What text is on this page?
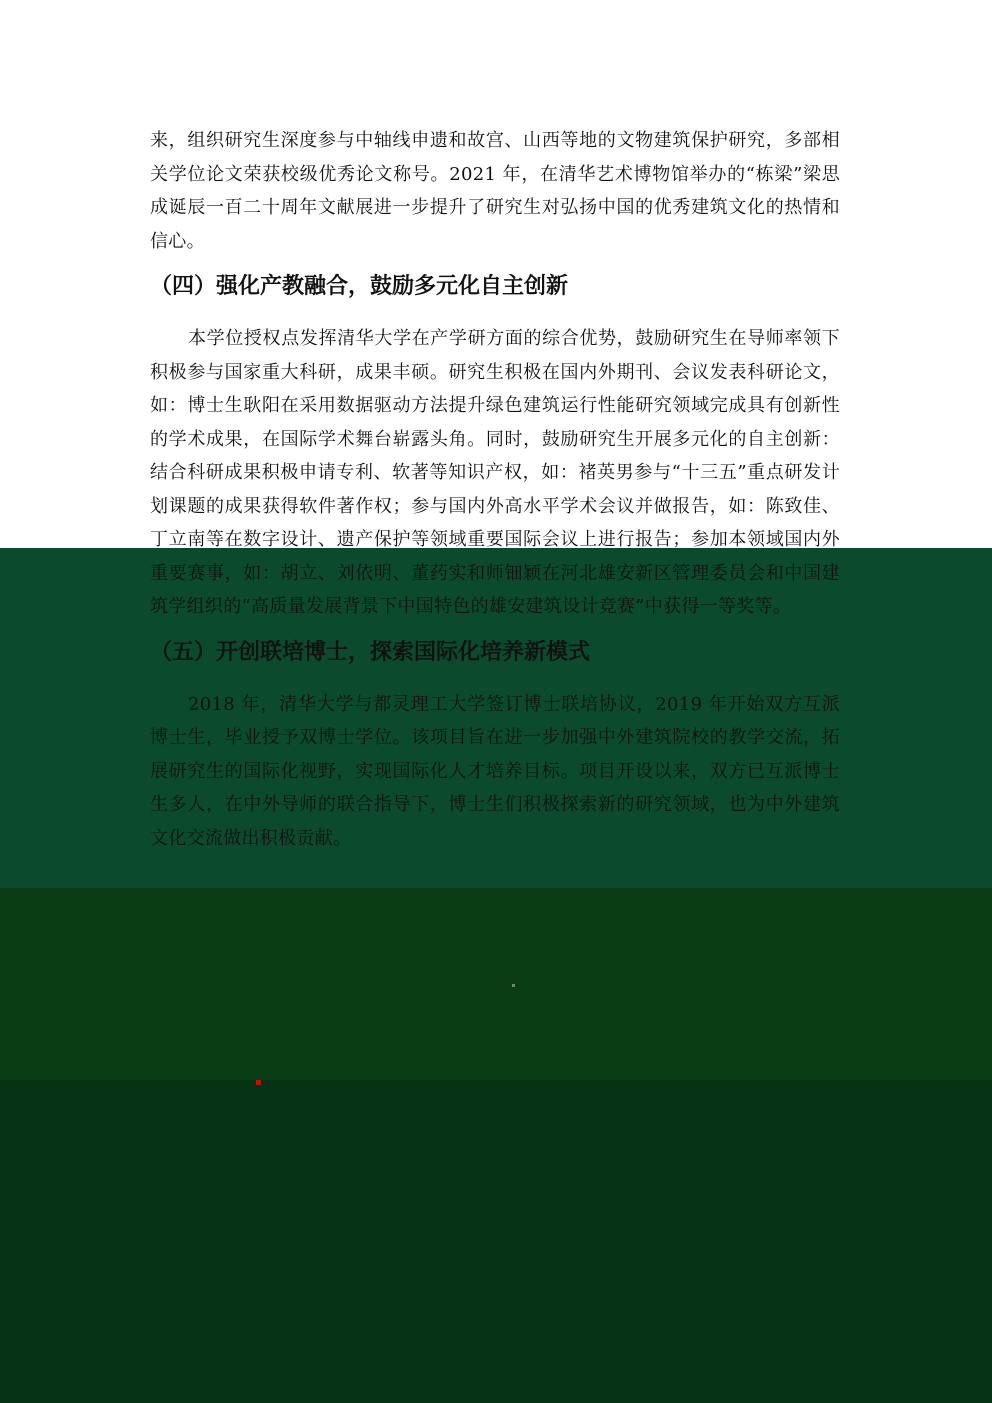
来，组织研究生深度参与中轴线申遗和故宫、山西等地的文物建筑保护研究，多部相关学位论文荣获校级优秀论文称号。2021 年，在清华艺术博物馆举办的“栋梁”梁思成诞辰一百二十周年文献展进一步提升了研究生对弘扬中国的优秀建筑文化的热情和信心。

（四）强化产教融合，鼓励多元化自主创新

本学位授权点发挥清华大学在产学研方面的综合优势，鼓励研究生在导师率领下积极参与国家重大科研，成果丰硕。研究生积极在国内外期刊、会议发表科研论文，如：博士生耿阳在采用数据驱动方法提升绿色建筑运行性能研究领域完成具有创新性的学术成果，在国际学术舞台崭露头角。同时，鼓励研究生开展多元化的自主创新：结合科研成果积极申请专利、软著等知识产权，如：褚英男参与“十三五”重点研发计划课题的成果获得软件著作权；参与国内外高水平学术会议并做报告，如：陈致佳、丁立南等在数字设计、遗产保护等领域重要国际会议上进行报告；参加本领域国内外重要赛事，如：胡立、刘依明、董药实和师钿颖在河北雄安新区管理委员会和中国建筑学组织的“高质量发展背景下中国特色的雄安建筑设计竞赛”中获得一等奖等。

（五）开创联培博士，探索国际化培养新模式

2018 年，清华大学与都灵理工大学签订博士联培协议，2019 年开始双方互派博士生，毕业授予双博士学位。该项目旨在进一步加强中外建筑院校的教学交流，拓展研究生的国际化视野，实现国际化人才培养目标。项目开设以来，双方已互派博士生多人，在中外导师的联合指导下，博士生们积极探索新的研究领域，也为中外建筑文化交流做出积极贡献。
